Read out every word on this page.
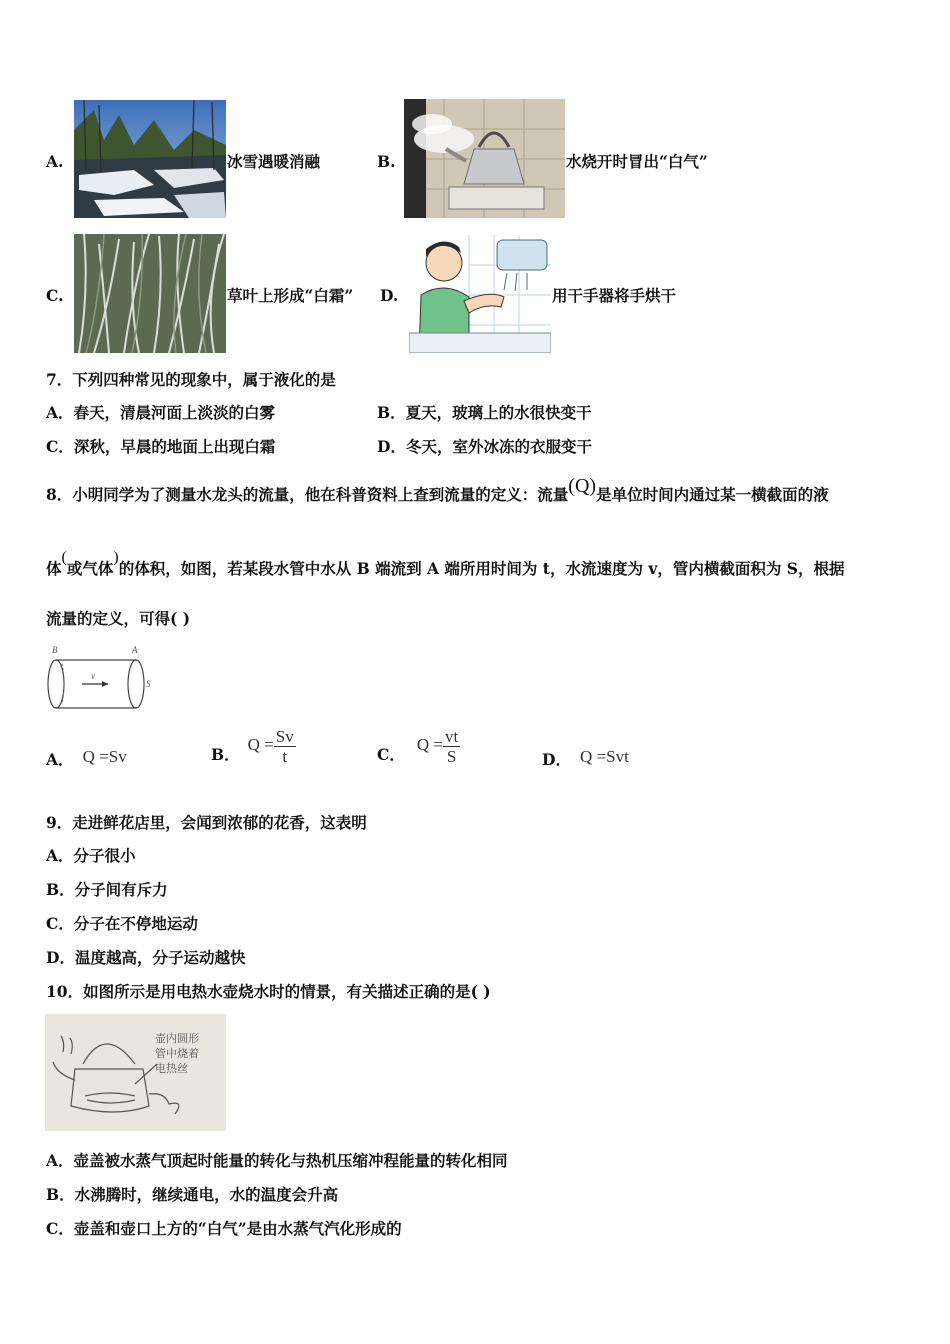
A.	冰雪遇暖消融	B.	水烧开时冒出“白气”
C.	草叶上形成“白霜” D.	用干手器将手烘干
7．下列四种常见的现象中，属于液化的是
A．春天，清晨河面上淡淡的白雾	B．夏天，玻璃上的水很快变干
C．深秋，早晨的地面上出现白霜	D．冬天，室外冰冻的衣服变干
8．小明同学为了测量水龙头的流量，他在科普资料上查到流量的定义：流量(Q)是单位时间内通过某一横截面的液
体(或气体)的体积，如图，若某段水管中水从 B 端流到 A 端所用时间为 t，水流速度为 v，管内横截面积为 S，根据
流量的定义，可得( )
B	A
v
S
A． Q =Sv	B．
$Q = \frac{Sv}{t}$	C．
$Q = \frac{vt}{S}$	D． Q =Svt
9．走进鲜花店里，会闻到浓郁的花香，这表明
A．分子很小
B．分子间有斥力
C．分子在不停地运动
D．温度越高，分子运动越快
10．如图所示是用电热水壶烧水时的情景，有关描述正确的是( )
壶内圆形
管中烧着
电热丝
A．壶盖被水蒸气顶起时能量的转化与热机压缩冲程能量的转化相同
B．水沸腾时，继续通电，水的温度会升高
C．壶盖和壶口上方的“白气”是由水蒸气汽化形成的
